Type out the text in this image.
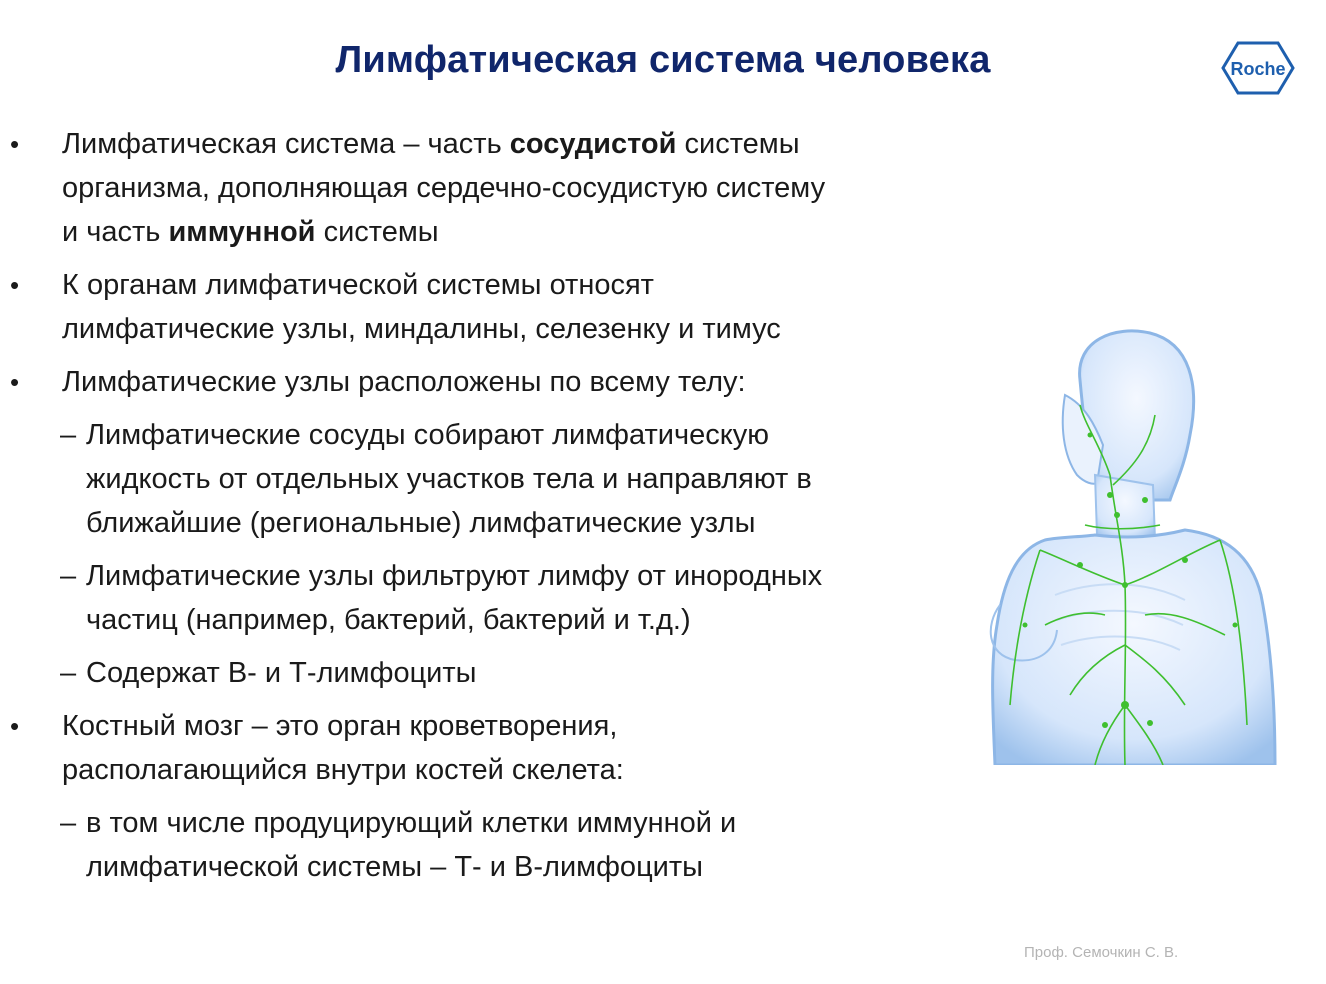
Лимфатическая система человека	Roche
• Лимфатическая система – часть сосудистой системы
организма, дополняющая сердечно-сосудистую систему
и часть иммунной системы
• К органам лимфатической системы относят
лимфатические узлы, миндалины, селезенку и тимус
• Лимфатические узлы расположены по всему телу:
– Лимфатические сосуды собирают лимфатическую
жидкость от отдельных участков тела и направляют в
ближайшие (региональные) лимфатические узлы
– Лимфатические узлы фильтруют лимфу от инородных
частиц (например, бактерий, бактерий и т.д.)
– Содержат В- и Т-лимфоциты
• Костный мозг – это орган кроветворения,
располагающийся внутри костей скелета:
– в том числе продуцирующий клетки иммунной и
лимфатической системы – Т- и В-лимфоциты
Проф. Семочкин С. В.
